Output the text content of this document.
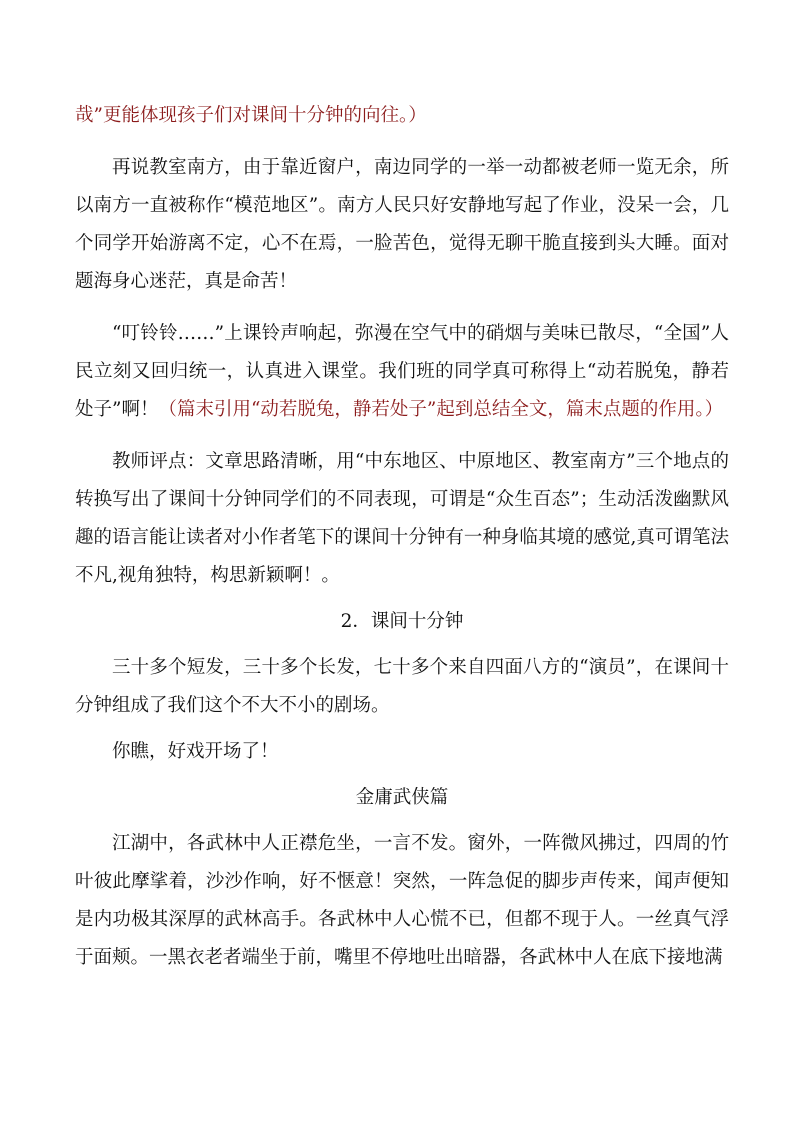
哉”更能体现孩子们对课间十分钟的向往。）

再说教室南方，由于靠近窗户，南边同学的一举一动都被老师一览无余，所以南方一直被称作“模范地区”。南方人民只好安静地写起了作业，没呆一会，几个同学开始游离不定，心不在焉，一脸苦色，觉得无聊干脆直接到头大睡。面对题海身心迷茫，真是命苦！

“叮铃铃……”上课铃声响起，弥漫在空气中的硝烟与美味已散尽，“全国”人民立刻又回归统一，认真进入课堂。我们班的同学真可称得上“动若脱兔，静若处子”啊！（篇末引用“动若脱兔，静若处子”起到总结全文，篇末点题的作用。）

教师评点：文章思路清晰，用“中东地区、中原地区、教室南方”三个地点的转换写出了课间十分钟同学们的不同表现，可谓是“众生百态”；生动活泼幽默风趣的语言能让读者对小作者笔下的课间十分钟有一种身临其境的感觉,真可谓笔法不凡,视角独特，构思新颖啊！。

2．课间十分钟

三十多个短发，三十多个长发，七十多个来自四面八方的“演员”，在课间十分钟组成了我们这个不大不小的剧场。

你瞧，好戏开场了！

金庸武侠篇

江湖中，各武林中人正襟危坐，一言不发。窗外，一阵微风拂过，四周的竹叶彼此摩挲着，沙沙作响，好不惬意！突然，一阵急促的脚步声传来，闻声便知是内功极其深厚的武林高手。各武林中人心慌不已，但都不现于人。一丝真气浮于面颊。一黑衣老者端坐于前，嘴里不停地吐出暗器，各武林中人在底下接地满
